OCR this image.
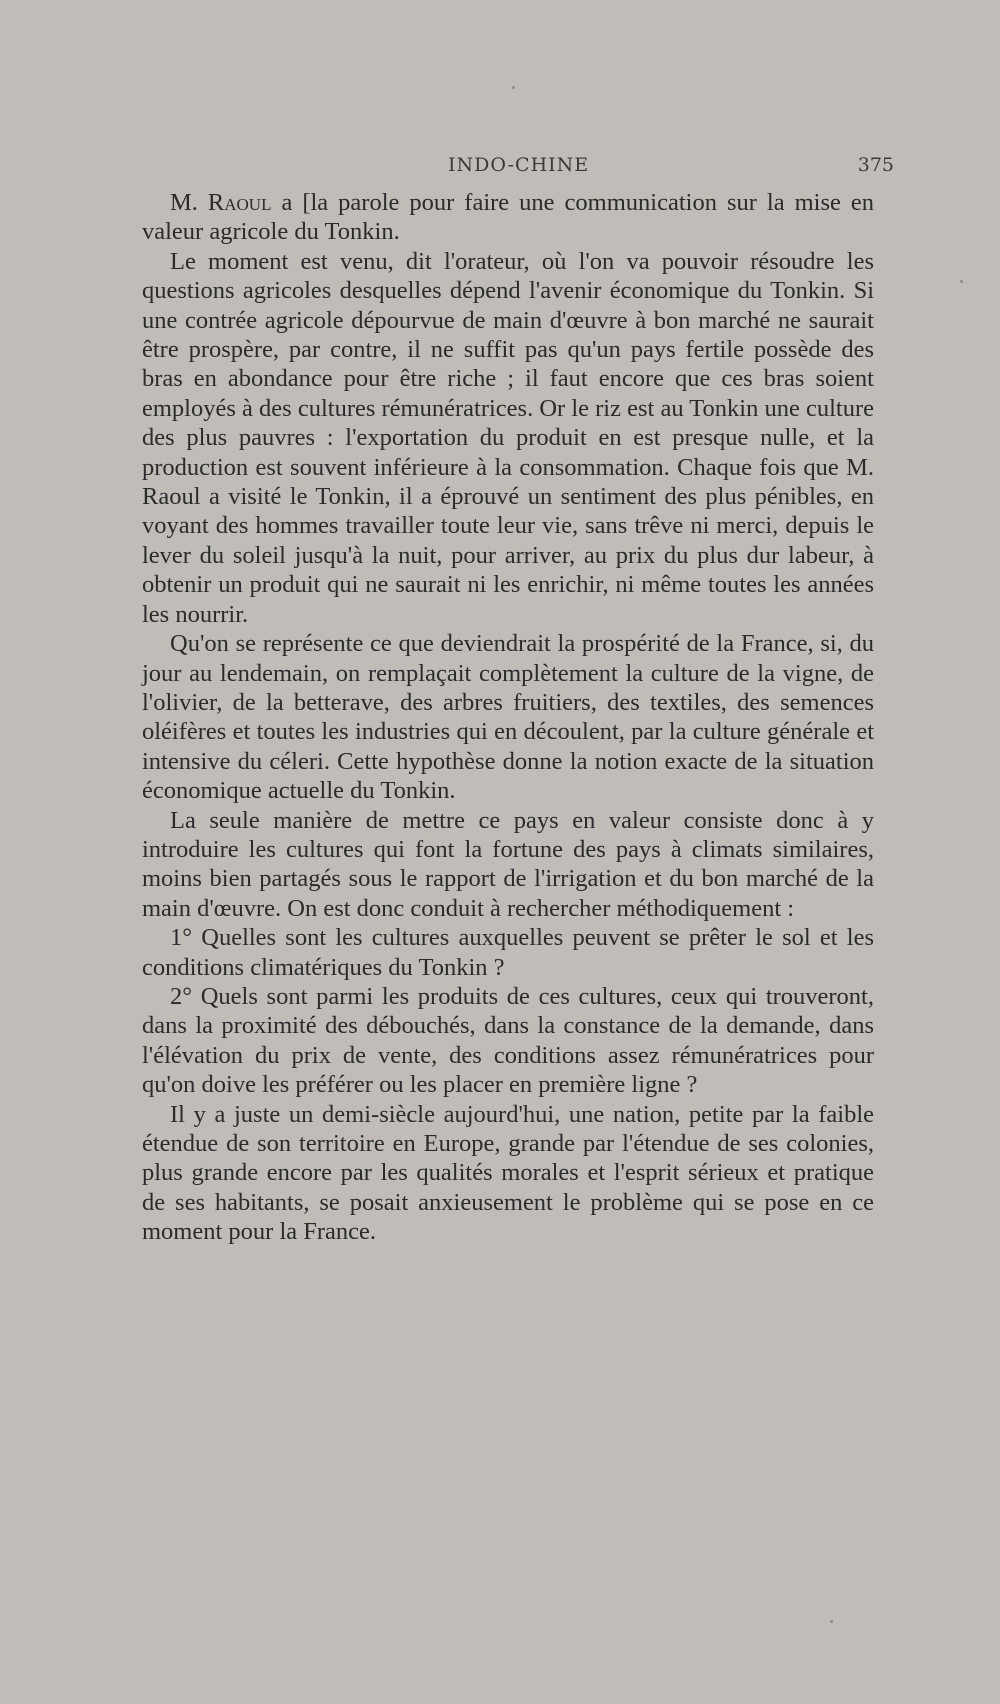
INDO-CHINE	375

M. Raoul a [la parole pour faire une communication sur la mise en valeur agricole du Tonkin.

Le moment est venu, dit l'orateur, où l'on va pouvoir résoudre les questions agricoles desquelles dépend l'avenir économique du Tonkin. Si une contrée agricole dépourvue de main d'œuvre à bon marché ne saurait être prospère, par contre, il ne suffit pas qu'un pays fertile possède des bras en abondance pour être riche ; il faut encore que ces bras soient employés à des cultures rémunératrices. Or le riz est au Tonkin une culture des plus pauvres : l'exportation du produit en est presque nulle, et la production est souvent inférieure à la consommation. Chaque fois que M. Raoul a visité le Tonkin, il a éprouvé un sentiment des plus pénibles, en voyant des hommes travailler toute leur vie, sans trêve ni merci, depuis le lever du soleil jusqu'à la nuit, pour arriver, au prix du plus dur labeur, à obtenir un produit qui ne saurait ni les enrichir, ni même toutes les années les nourrir.

Qu'on se représente ce que deviendrait la prospérité de la France, si, du jour au lendemain, on remplaçait complètement la culture de la vigne, de l'olivier, de la betterave, des arbres fruitiers, des textiles, des semences oléifères et toutes les industries qui en découlent, par la culture générale et intensive du céleri. Cette hypothèse donne la notion exacte de la situation économique actuelle du Tonkin.

La seule manière de mettre ce pays en valeur consiste donc à y introduire les cultures qui font la fortune des pays à climats similaires, moins bien partagés sous le rapport de l'irrigation et du bon marché de la main d'œuvre. On est donc conduit à rechercher méthodiquement :

1° Quelles sont les cultures auxquelles peuvent se prêter le sol et les conditions climatériques du Tonkin ?

2° Quels sont parmi les produits de ces cultures, ceux qui trouveront, dans la proximité des débouchés, dans la constance de la demande, dans l'élévation du prix de vente, des conditions assez rémunératrices pour qu'on doive les préférer ou les placer en première ligne ?

Il y a juste un demi-siècle aujourd'hui, une nation, petite par la faible étendue de son territoire en Europe, grande par l'étendue de ses colonies, plus grande encore par les qualités morales et l'esprit sérieux et pratique de ses habitants, se posait anxieusement le problème qui se pose en ce moment pour la France.
